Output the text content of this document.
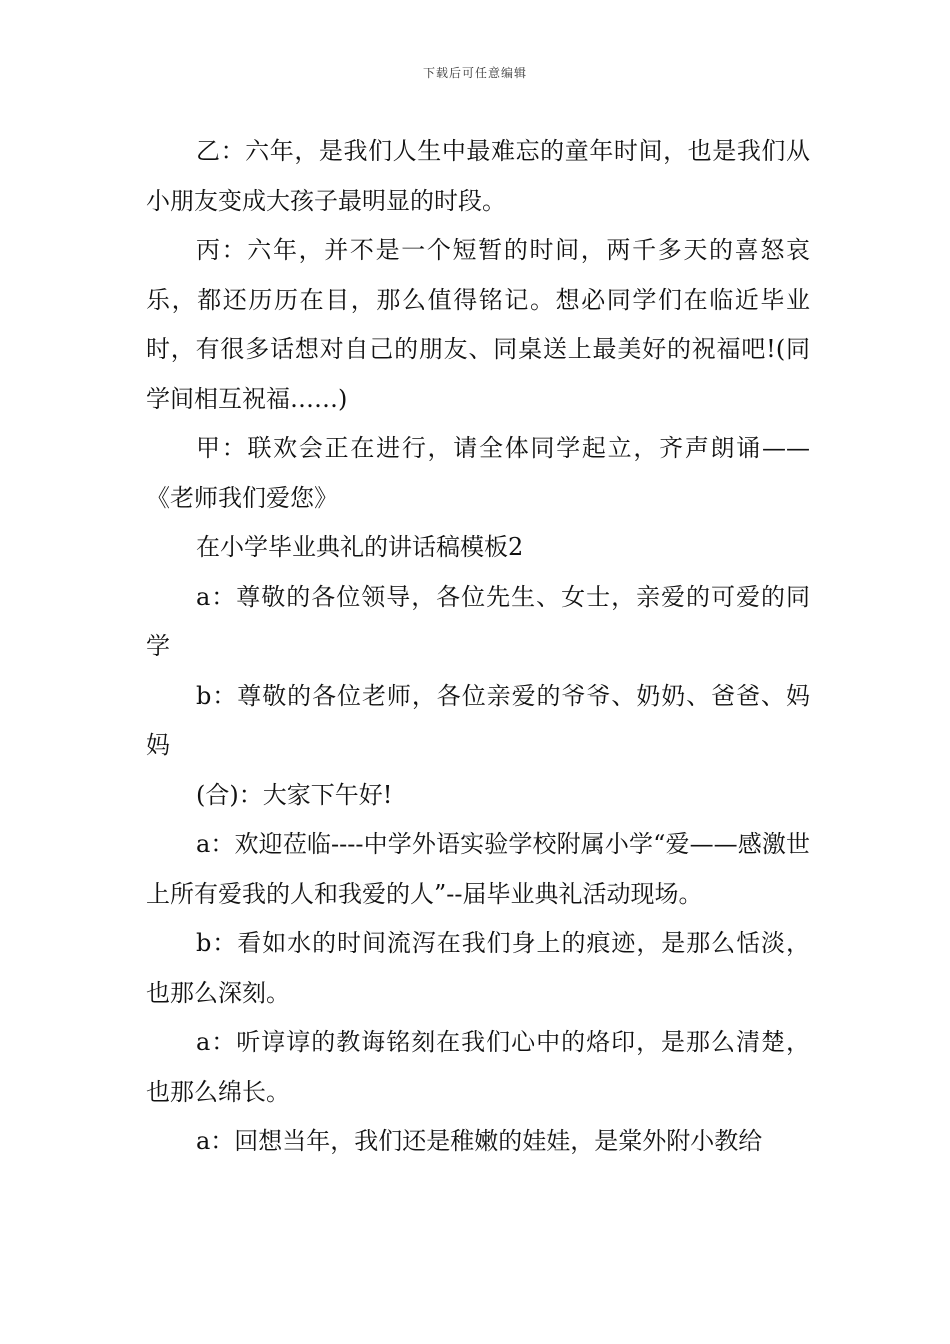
下载后可任意编辑

乙：六年，是我们人生中最难忘的童年时间，也是我们从小朋友变成大孩子最明显的时段。

丙：六年，并不是一个短暂的时间，两千多天的喜怒哀乐，都还历历在目，那么值得铭记。想必同学们在临近毕业时，有很多话想对自己的朋友、同桌送上最美好的祝福吧!(同学间相互祝福……)

甲：联欢会正在进行，请全体同学起立，齐声朗诵——《老师我们爱您》

在小学毕业典礼的讲话稿模板2

a：尊敬的各位领导，各位先生、女士，亲爱的可爱的同学

b：尊敬的各位老师，各位亲爱的爷爷、奶奶、爸爸、妈妈

(合)：大家下午好!

a：欢迎莅临----中学外语实验学校附属小学“爱——感激世上所有爱我的人和我爱的人”--届毕业典礼活动现场。

b：看如水的时间流泻在我们身上的痕迹，是那么恬淡，也那么深刻。

a：听谆谆的教诲铭刻在我们心中的烙印，是那么清楚，也那么绵长。

a：回想当年，我们还是稚嫩的娃娃，是棠外附小教给
